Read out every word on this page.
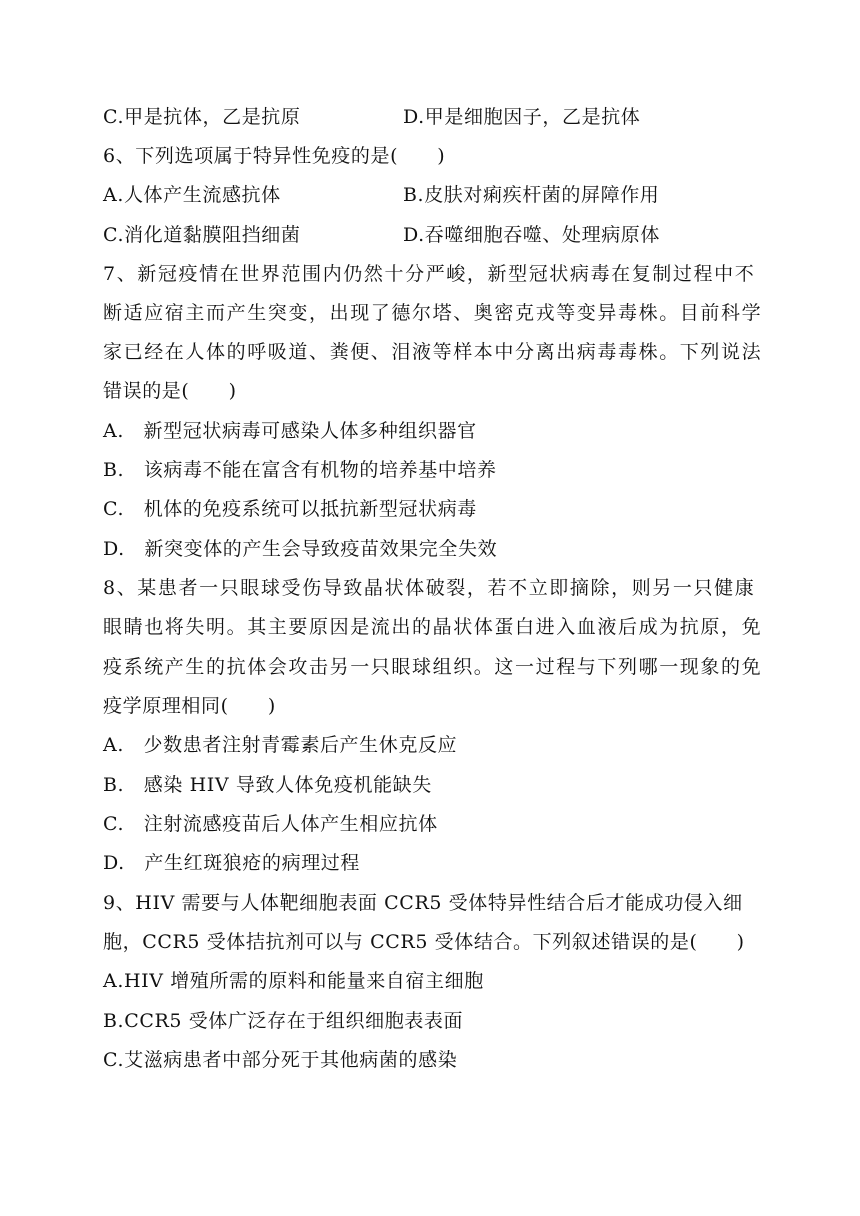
C.甲是抗体，乙是抗原	D.甲是细胞因子，乙是抗体
6、下列选项属于特异性免疫的是(　　)
A.人体产生流感抗体	B.皮肤对痢疾杆菌的屏障作用
C.消化道黏膜阻挡细菌	D.吞噬细胞吞噬、处理病原体
7、新冠疫情在世界范围内仍然十分严峻，新型冠状病毒在复制过程中不
断适应宿主而产生突变，出现了德尔塔、奥密克戎等变异毒株。目前科学
家已经在人体的呼吸道、粪便、泪液等样本中分离出病毒毒株。下列说法
错误的是(　　)
A.　新型冠状病毒可感染人体多种组织器官
B.　该病毒不能在富含有机物的培养基中培养
C.　机体的免疫系统可以抵抗新型冠状病毒
D.　新突变体的产生会导致疫苗效果完全失效
8、某患者一只眼球受伤导致晶状体破裂，若不立即摘除，则另一只健康
眼睛也将失明。其主要原因是流出的晶状体蛋白进入血液后成为抗原，免
疫系统产生的抗体会攻击另一只眼球组织。这一过程与下列哪一现象的免
疫学原理相同(　　)
A.　少数患者注射青霉素后产生休克反应
B.　感染 HIV 导致人体免疫机能缺失
C.　注射流感疫苗后人体产生相应抗体
D.　产生红斑狼疮的病理过程
9、HIV 需要与人体靶细胞表面 CCR5 受体特异性结合后才能成功侵入细
胞，CCR5 受体拮抗剂可以与 CCR5 受体结合。下列叙述错误的是(　　)
A.HIV 增殖所需的原料和能量来自宿主细胞
B.CCR5 受体广泛存在于组织细胞表表面
C.艾滋病患者中部分死于其他病菌的感染
